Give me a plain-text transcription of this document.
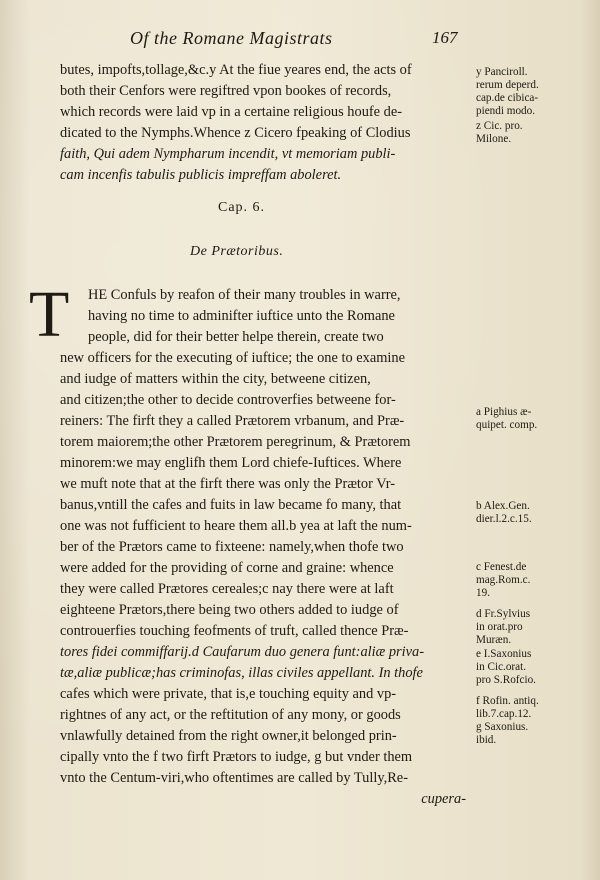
Of the Romane Magistrats	167
butes, impofts,tollage,&c.y At the fiue yeares end, the acts of
both their Cenfors were regiftred vpon bookes of records,
which records were laid vp in a certaine religious houfe de-
dicated to the Nymphs.Whence z Cicero fpeaking of Clodius
faith, Qui adem Nympharum incendit, vt memoriam publi-
cam incenfis tabulis publicis impreffam aboleret.
Cap. 6.
De Prætoribus.
T	HE Confuls by reafon of their many troubles in warre,
having no time to adminifter iuftice unto the Romane
people, did for their better helpe therein, create two
new officers for the executing of iuftice; the one to examine
and iudge of matters within the city, betweene citizen,
and citizen;the other to decide controverfies betweene for-
reiners: The firft they a called Prætorem vrbanum, and Præ-
torem maiorem;the other Prætorem peregrinum, & Prætorem
minorem:we may englifh them Lord chiefe-Iuftices. Where
we muft note that at the firft there was only the Prætor Vr-
banus,vntill the cafes and fuits in law became fo many, that
one was not fufficient to heare them all.b yea at laft the num-
ber of the Prætors came to fixteene: namely,when thofe two
were added for the providing of corne and graine: whence
they were called Prætores cereales;c nay there were at laft
eighteene Prætors,there being two others added to iudge of
controuerfies touching feofments of truft, called thence Præ-
tores fidei commiffarij.d Caufarum duo genera funt:aliæ priva-
tæ,aliæ publicæ;has criminofas, illas civiles appellant. In thofe
cafes which were private, that is,e touching equity and vp-
rightnes of any act, or the reftitution of any mony, or goods
vnlawfully detained from the right owner,it belonged prin-
cipally vnto the f two firft Prætors to iudge, g but vnder them
vnto the Centum-viri,who oftentimes are called by Tully,Re-
cupera-
y Panciroll.
rerum deperd.
cap.de cibica-
piendi modo.
z Cic. pro.
Milone.
a Pighius æ-
quipet. comp.
b Alex.Gen.
dier.l.2.c.15.
c Fenest.de
mag.Rom.c.
19.
d Fr.Sylvius
in orat.pro
Muræn.
e I.Saxonius
in Cic.orat.
pro S.Rofcio.
f Rofin. antiq.
lib.7.cap.12.
g Saxonius.
ibid.
